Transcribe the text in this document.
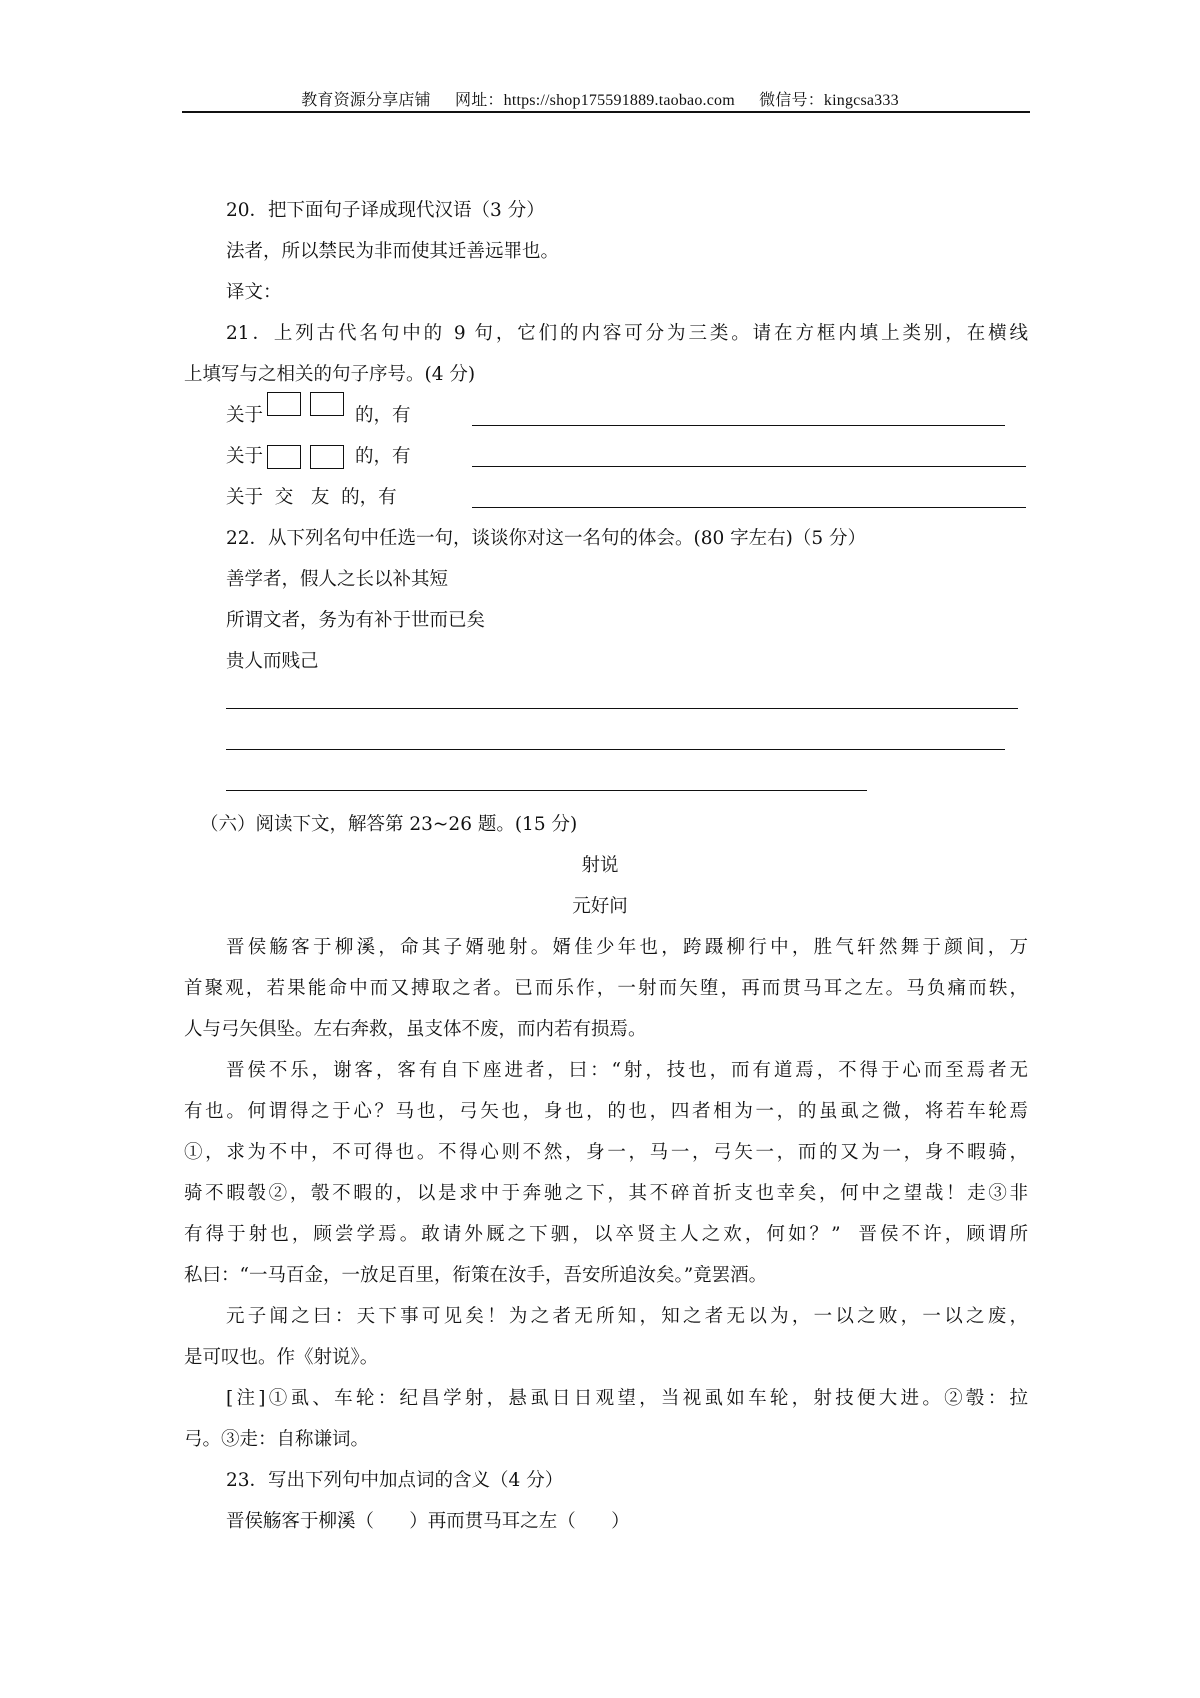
教育资源分享店铺 网址：https://shop175591889.taobao.com 微信号：kingcsa333
20．把下面句子译成现代汉语（3 分）
法者，所以禁民为非而使其迁善远罪也。
译文：
21．上列古代名句中的 9 句，它们的内容可分为三类。请在方框内填上类别，在横线
上填写与之相关的句子序号。(4 分)
关于	的，有
关于	的，有
关于  交   友  的，有
22．从下列名句中任选一句，谈谈你对这一名句的体会。(80 字左右)（5 分）
善学者，假人之长以补其短
所谓文者，务为有补于世而已矣
贵人而贱己
（六）阅读下文，解答第 23~26 题。(15 分)
射说
元好问
晋侯觞客于柳溪，命其子婿驰射。婿佳少年也，跨蹑柳行中，胜气轩然舞于颜间，万
首聚观，若果能命中而又搏取之者。已而乐作，一射而矢堕，再而贯马耳之左。马负痛而轶，
人与弓矢俱坠。左右奔救，虽支体不废，而内若有损焉。
晋侯不乐，谢客，客有自下座进者，曰：“射，技也，而有道焉，不得于心而至焉者无
有也。何谓得之于心？马也，弓矢也，身也，的也，四者相为一，的虽虱之微，将若车轮焉
①，求为不中，不可得也。不得心则不然，身一，马一，弓矢一，而的又为一，身不暇骑，
骑不暇彀②，彀不暇的，以是求中于奔驰之下，其不碎首折支也幸矣，何中之望哉！走③非
有得于射也，顾尝学焉。敢请外厩之下驷，以卒贤主人之欢，何如？”  晋侯不许，顾谓所
私曰：“一马百金，一放足百里，衔策在汝手，吾安所追汝矣。”竟罢酒。
元子闻之曰：天下事可见矣！为之者无所知，知之者无以为，一以之败，一以之废，
是可叹也。作《射说》。
[注]①虱、车轮：纪昌学射，悬虱日日观望，当视虱如车轮，射技便大进。②彀：拉
弓。③走：自称谦词。
23．写出下列句中加点词的含义（4 分）
晋侯觞客于柳溪（      ）再而贯马耳之左（      ）
